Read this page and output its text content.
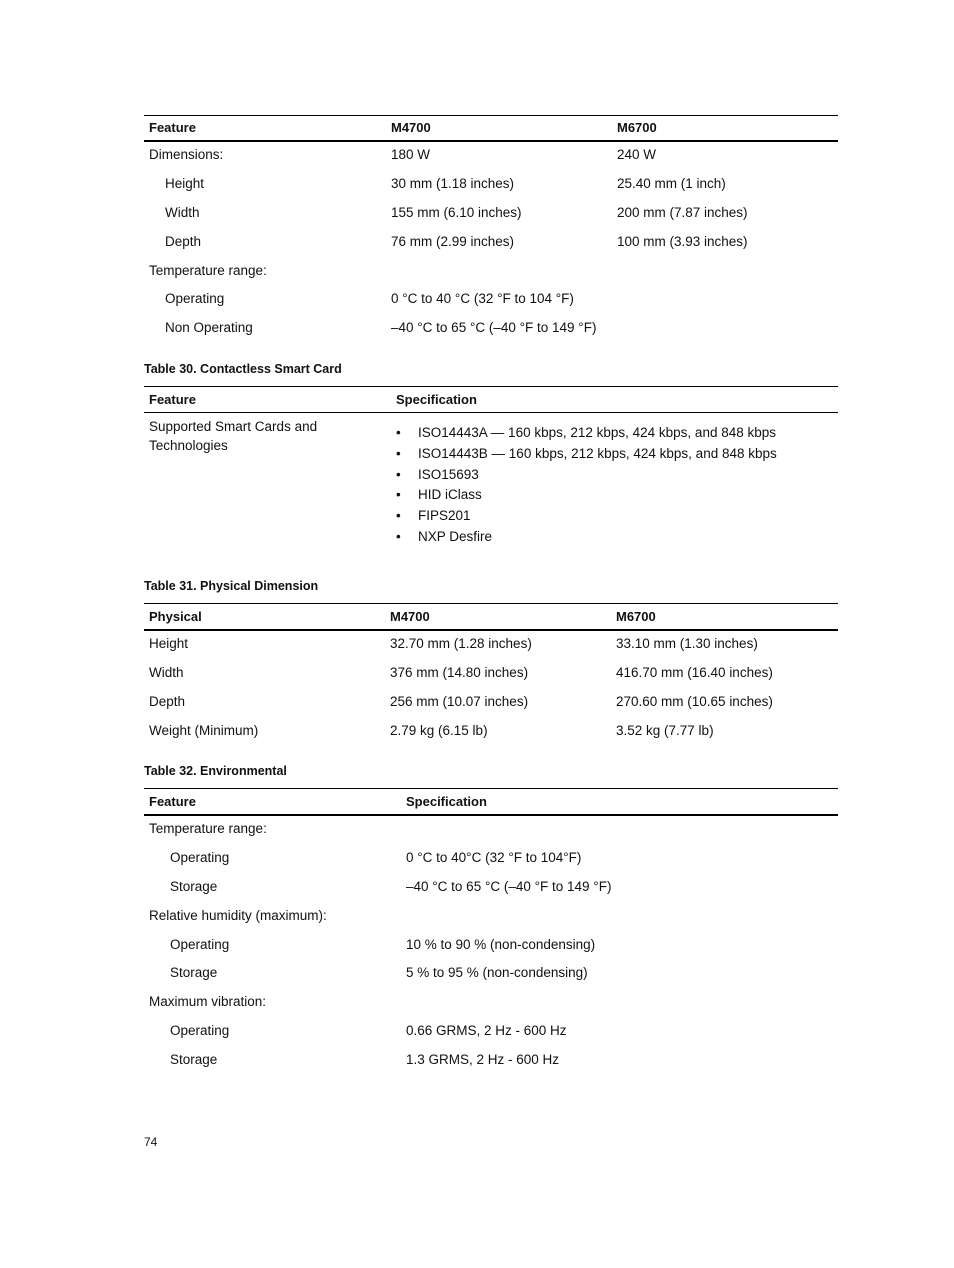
Feature	M4700	M6700
Dimensions:	180 W	240 W
Height	30 mm (1.18 inches)	25.40 mm (1 inch)
Width	155 mm (6.10 inches)	200 mm (7.87 inches)
Depth	76 mm (2.99 inches)	100 mm (3.93 inches)
Temperature range:
Operating	0 °C to 40 °C (32 °F to 104 °F)
Non Operating	–40 °C to 65 °C (–40 °F to 149 °F)
Table 30. Contactless Smart Card
Feature	Specification
Supported Smart Cards and
Technologies
• ISO14443A — 160 kbps, 212 kbps, 424 kbps, and 848 kbps
• ISO14443B — 160 kbps, 212 kbps, 424 kbps, and 848 kbps
• ISO15693
• HID iClass
• FIPS201
• NXP Desfire
Table 31. Physical Dimension
Physical	M4700	M6700
Height	32.70 mm (1.28 inches)	33.10 mm (1.30 inches)
Width	376 mm (14.80 inches)	416.70 mm (16.40 inches)
Depth	256 mm (10.07 inches)	270.60 mm (10.65 inches)
Weight (Minimum)	2.79 kg (6.15 lb)	3.52 kg (7.77 lb)
Table 32. Environmental
Feature	Specification
Temperature range:
Operating	0 °C to 40°C (32 °F to 104°F)
Storage	–40 °C to 65 °C (–40 °F to 149 °F)
Relative humidity (maximum):
Operating	10 % to 90 % (non-condensing)
Storage	5 % to 95 % (non-condensing)
Maximum vibration:
Operating	0.66 GRMS, 2 Hz - 600 Hz
Storage	1.3 GRMS, 2 Hz - 600 Hz
74
